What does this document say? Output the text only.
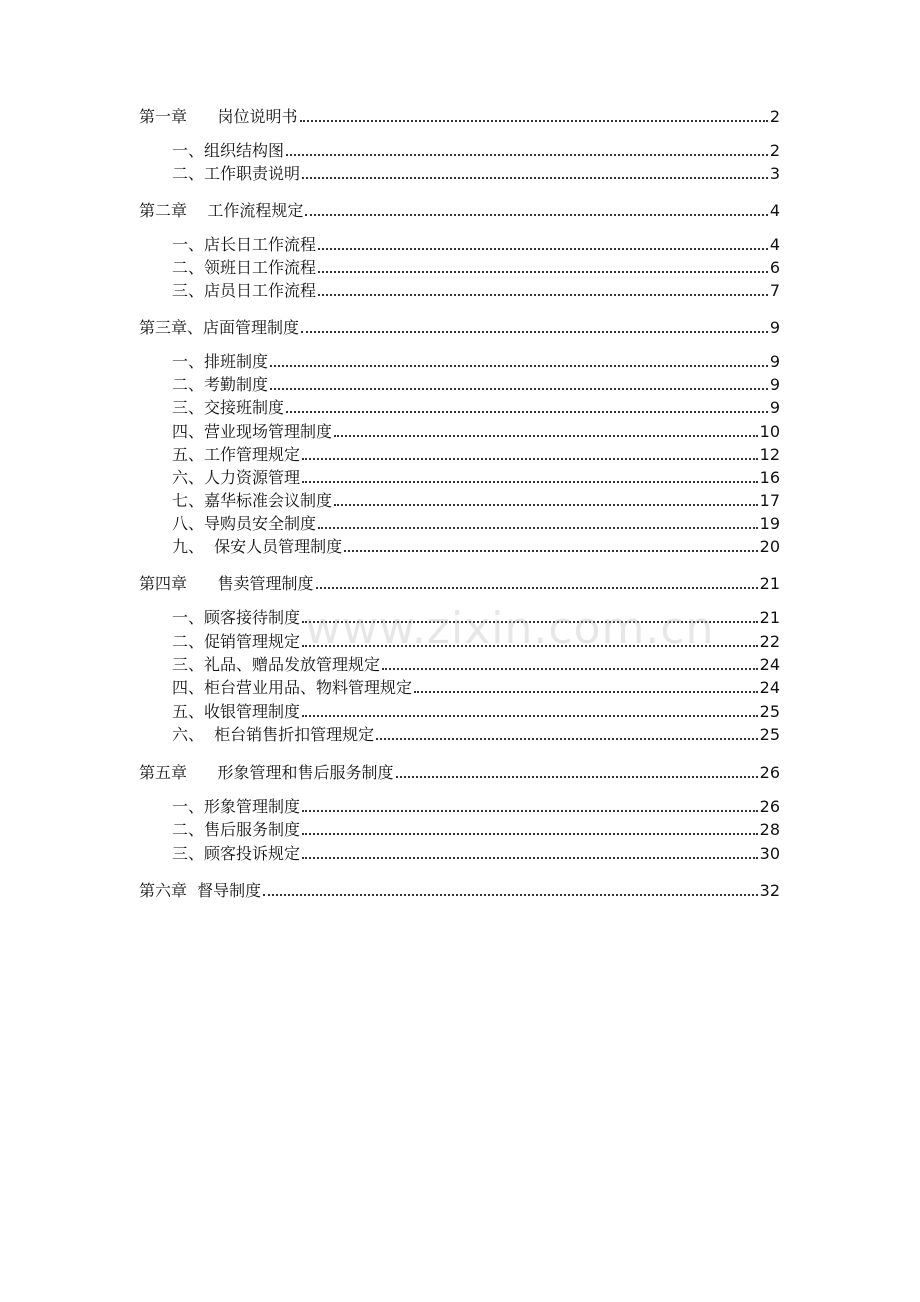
第一章      岗位说明书	2
一、组织结构图	2
二、工作职责说明	3
第二章    工作流程规定	4
一、店长日工作流程	4
二、领班日工作流程	6
三、店员日工作流程	7
第三章、店面管理制度	9
一、排班制度	9
二、考勤制度	9
三、交接班制度	9
四、营业现场管理制度	10
五、工作管理规定	12
六、人力资源管理	16
七、嘉华标准会议制度	17
八、导购员安全制度	19
九、  保安人员管理制度	20
第四章      售卖管理制度	21
一、顾客接待制度	21
二、促销管理规定	22
三、礼品、赠品发放管理规定	24
四、柜台营业用品、物料管理规定	24
五、收银管理制度	25
六、  柜台销售折扣管理规定	25
第五章      形象管理和售后服务制度	26
一、形象管理制度	26
二、售后服务制度	28
三、顾客投诉规定	30
第六章  督导制度	32
www.zixin.com.cn
